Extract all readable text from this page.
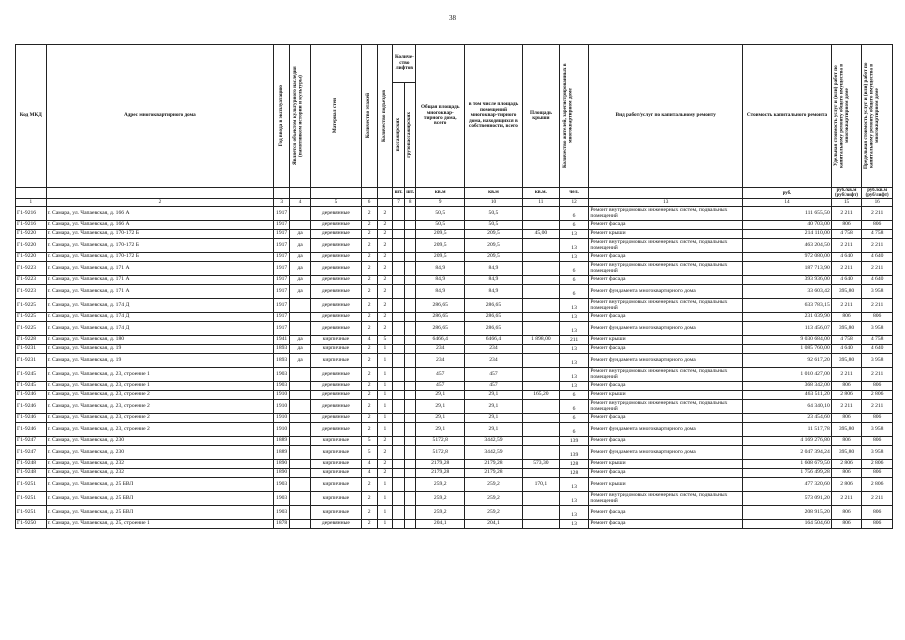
38
Код МКД	Адрес многоквартирного дома	Год ввода в эксплуатацию	Является объектом культурного наследия (памятником истории и культуры)	Материал стен	Количество этажей	Количество подъездов	Количе-ство лифтов		Общая площадь многоквар-тирного дома, всего	в том числе площадь помещений многоквар-тирного дома, находящихся в собственности, всего	Площадь крыши	Количество жителей, зарегистрированных в многоквартирном доме	Вид работ/услуг по капитальному ремонту	Стоимость капитального ремонта	Удельная стоимость услуг и (или) работ по капитальному ремонту общего имущества в многоквартирном доме	Предельная стоимость услуг и (или) работ по капитальному ремонту общего имущества в многоквартирном доме

							пассажирских	грузопассажирских								

							шт.	шт.	кв.м	кв.м	кв.м.	чел.		руб.	руб./кв.м (руб/лифт)	руб./кв.м (руб/лифт)
1	2	3	4	5	6		7	8	9	10	11	12	13	14	15	16
Г1-9216	г. Самара, ул. Чапаевская, д. 166 А	1917		деревянные	2	2			50,5	50,5		6	Ремонт внутридомовых инженерных систем, подвальных помещений	111 655,50	2 211	2 211
Г1-9216	г. Самара, ул. Чапаевская, д. 166 А	1917		деревянные	2	2			50,5	50,5		6	Ремонт фасада	40 703,00	806	806
Г1-9220	г. Самара, ул. Чапаевская, д. 170-172 Б	1917	да	деревянные	2	2			209,5	209,5	45,00	13	Ремонт крыши	214 110,00	4 758	4 758
Г1-9220	г. Самара, ул. Чапаевская, д. 170-172 Б	1917	да	деревянные	2	2			209,5	209,5		13	Ремонт внутридомовых инженерных систем, подвальных помещений	463 204,50	2 211	2 211
Г1-9220	г. Самара, ул. Чапаевская, д. 170-172 Б	1917	да	деревянные	2	2			209,5	209,5		13	Ремонт фасада	972 080,00	4 640	4 640
Г1-9223	г. Самара, ул. Чапаевская, д. 171 А	1917	да	деревянные	2	2			84,9	84,9		6	Ремонт внутридомовых инженерных систем, подвальных помещений	187 713,90	2 211	2 211
Г1-9223	г. Самара, ул. Чапаевская, д. 171 А	1917	да	деревянные	2	2			84,9	84,9		6	Ремонт фасада	393 936,00	4 640	4 640
Г1-9223	г. Самара, ул. Чапаевская, д. 171 А	1917	да	деревянные	2	2			84,9	84,9		6	Ремонт фундамента многоквартирного дома	33 603,42	395,80	3 958
Г1-9225	г. Самара, ул. Чапаевская, д. 174 Д	1917		деревянные	2	2			286,65	286,65		13	Ремонт внутридомовых инженерных систем, подвальных помещений	633 783,15	2 211	2 211
Г1-9225	г. Самара, ул. Чапаевская, д. 174 Д	1917		деревянные	2	2			286,65	286,65		13	Ремонт фасада	231 039,90	806	806
Г1-9225	г. Самара, ул. Чапаевская, д. 174 Д	1917		деревянные	2	2			286,65	286,65		13	Ремонт фундамента многоквартирного дома	113 456,07	395,80	3 958
Г1-9228	г. Самара, ул. Чапаевская, д. 180	1941	да	кирпичные	4	5			6466,4	6466,4	1 898,00	211	Ремонт крыши	9 030 684,00	4 758	4 758
Г1-9231	г. Самара, ул. Чапаевская, д. 19	1893	да	кирпичные	2	1			234	234		13	Ремонт фасада	1 085 760,00	4 640	4 640
Г1-9231	г. Самара, ул. Чапаевская, д. 19	1893	да	кирпичные	2	1			234	234		13	Ремонт фундамента многоквартирного дома	92 617,20	395,80	3 958
Г1-9245	г. Самара, ул. Чапаевская, д. 23, строение 1	1903		деревянные	2	1			457	457		13	Ремонт внутридомовых инженерных систем, подвальных помещений	1 010 427,00	2 211	2 211
Г1-9245	г. Самара, ул. Чапаевская, д. 23, строение 1	1903		деревянные	2	1			457	457		13	Ремонт фасада	368 342,00	806	806
Г1-9246	г. Самара, ул. Чапаевская, д. 23, строение 2	1910		деревянные	2	1			29,1	29,1	165,20	6	Ремонт крыши	463 511,20	2 806	2 806
Г1-9246	г. Самара, ул. Чапаевская, д. 23, строение 2	1910		деревянные	2	1			29,1	29,1		6	Ремонт внутридомовых инженерных систем, подвальных помещений	64 340,10	2 211	2 211
Г1-9246	г. Самара, ул. Чапаевская, д. 23, строение 2	1910		деревянные	2	1			29,1	29,1		6	Ремонт фасада	23 454,60	806	806
Г1-9246	г. Самара, ул. Чапаевская, д. 23, строение 2	1910		деревянные	2	1			29,1	29,1		6	Ремонт фундамента многоквартирного дома	11 517,78	395,80	3 958
Г1-9247	г. Самара, ул. Чапаевская, д. 230	1889		кирпичные	5	2			5172,8	3442,59		139	Ремонт фасада	4 169 276,80	806	806
Г1-9247	г. Самара, ул. Чапаевская, д. 230	1889		кирпичные	5	2			5172,8	3442,59		139	Ремонт фундамента многоквартирного дома	2 047 394,24	395,80	3 958
Г1-9248	г. Самара, ул. Чапаевская, д. 232	1890		кирпичные	4	2			2179,28	2179,28	573,30	128	Ремонт крыши	1 608 679,50	2 806	2 806
Г1-9248	г. Самара, ул. Чапаевская, д. 232	1890		кирпичные	4	2			2179,28	2179,28		128	Ремонт фасада	1 756 499,28	806	806
Г1-9251	г. Самара, ул. Чапаевская, д. 25 БВЛ	1903		кирпичные	2	1			259,2	259,2	170,1	13	Ремонт крыши	477 320,60	2 806	2 806
Г1-9251	г. Самара, ул. Чапаевская, д. 25 БВЛ	1903		кирпичные	2	1			259,2	259,2		13	Ремонт внутридомовых инженерных систем, подвальных помещений	573 091,20	2 211	2 211
Г1-9251	г. Самара, ул. Чапаевская, д. 25 БВЛ	1903		кирпичные	2	1			259,2	259,2		13	Ремонт фасада	208 915,20	806	806
Г1-9250	г. Самара, ул. Чапаевская, д. 25, строение 1	1878		деревянные	2	1			204,1	204,1		13	Ремонт фасада	164 504,60	806	806
